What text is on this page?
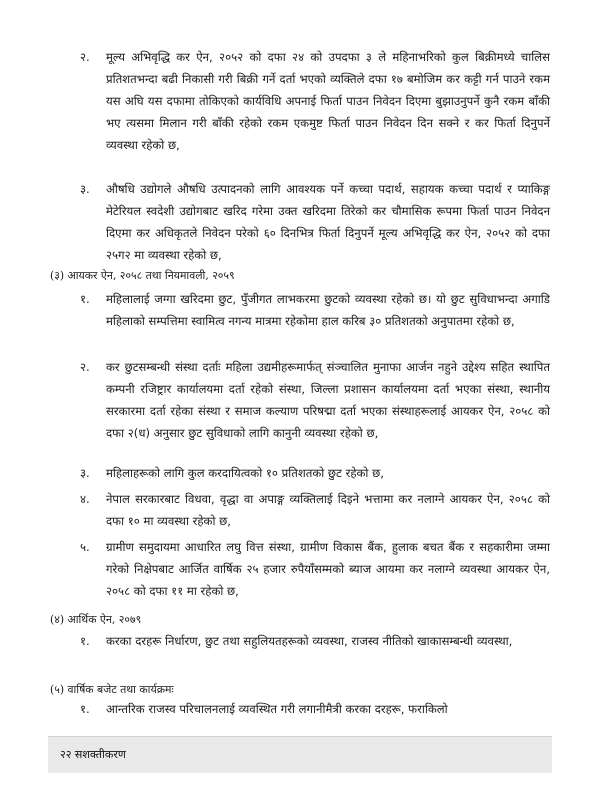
२.	मूल्य अभिवृद्धि कर ऐन, २०५२ को दफा २४ को उपदफा ३ ले महिनाभरिको कुल बिक्रीमध्ये चालिस प्रतिशतभन्दा बढी निकासी गरी बिक्री गर्ने दर्ता भएको व्यक्तिले दफा १७ बमोजिम कर कट्टी गर्न पाउने रकम यस अघि यस दफामा तोकिएको कार्यविधि अपनाई फिर्ता पाउन निवेदन दिएमा बुझाउनुपर्ने कुनै रकम बाँकी भए त्यसमा मिलान गरी बाँकी रहेको रकम एकमुष्ट फिर्ता पाउन निवेदन दिन सक्ने र कर फिर्ता दिनुपर्ने व्यवस्था रहेको छ,
३.	औषधि उद्योगले औषधि उत्पादनको लागि आवश्यक पर्ने कच्चा पदार्थ, सहायक कच्चा पदार्थ र प्याकिङ्ग मेटेरियल स्वदेशी उद्योगबाट खरिद गरेमा उक्त खरिदमा तिरेको कर चौमासिक रूपमा फिर्ता पाउन निवेदन दिएमा कर अधिकृतले निवेदन परेको ६० दिनभित्र फिर्ता दिनुपर्ने मूल्य अभिवृद्धि कर ऐन, २०५२ को दफा २५ग२ मा व्यवस्था रहेको छ,
(३) आयकर ऐन, २०५८ तथा नियमावली, २०५९
१.	महिलालाई जग्गा खरिदमा छुट, पुँजीगत लाभकरमा छुटको व्यवस्था रहेको छ। यो छुट सुविधाभन्दा अगाडि महिलाको सम्पत्तिमा स्वामित्व नगन्य मात्रमा रहेकोमा हाल करिब ३० प्रतिशतको अनुपातमा रहेको छ,
२.	कर छुटसम्बन्धी संस्था दर्ताः महिला उद्यमीहरूमार्फत् संञ्चालित मुनाफा आर्जन नहुने उद्देश्य सहित स्थापित कम्पनी रजिष्ट्रार कार्यालयमा दर्ता रहेको संस्था, जिल्ला प्रशासन कार्यालयमा दर्ता भएका संस्था, स्थानीय सरकारमा दर्ता रहेका संस्था र समाज कल्याण परिषद्मा दर्ता भएका संस्थाहरूलाई आयकर ऐन, २०५८ को दफा २(ध) अनुसार छुट सुविधाको लागि कानुनी व्यवस्था रहेको छ,
३.	महिलाहरूको लागि कुल करदायित्वको १० प्रतिशतको छुट रहेको छ,
४.	नेपाल सरकारबाट विधवा, वृद्धा वा अपाङ्ग व्यक्तिलाई दिइने भत्तामा कर नलाग्ने आयकर ऐन, २०५८ को दफा १० मा व्यवस्था रहेको छ,
५.	ग्रामीण समुदायमा आधारित लघु वित्त संस्था, ग्रामीण विकास बैंक, हुलाक बचत बैंक र सहकारीमा जम्मा गरेको निक्षेपबाट आर्जित वार्षिक २५ हजार रुपैयाँसम्मको ब्याज आयमा कर नलाग्ने व्यवस्था आयकर ऐन, २०५८ को दफा ११ मा रहेको छ,
(४) आर्थिक ऐन, २०७९
१.	करका दरहरू निर्धारण, छुट तथा सहुलियतहरूको व्यवस्था, राजस्व नीतिको खाकासम्बन्धी व्यवस्था,
(५) वार्षिक बजेट तथा कार्यक्रमः
१.	आन्तरिक राजस्व परिचालनलाई व्यवस्थित गरी लगानीमैत्री करका दरहरू, फराकिलो
२२ सशक्तीकरण
